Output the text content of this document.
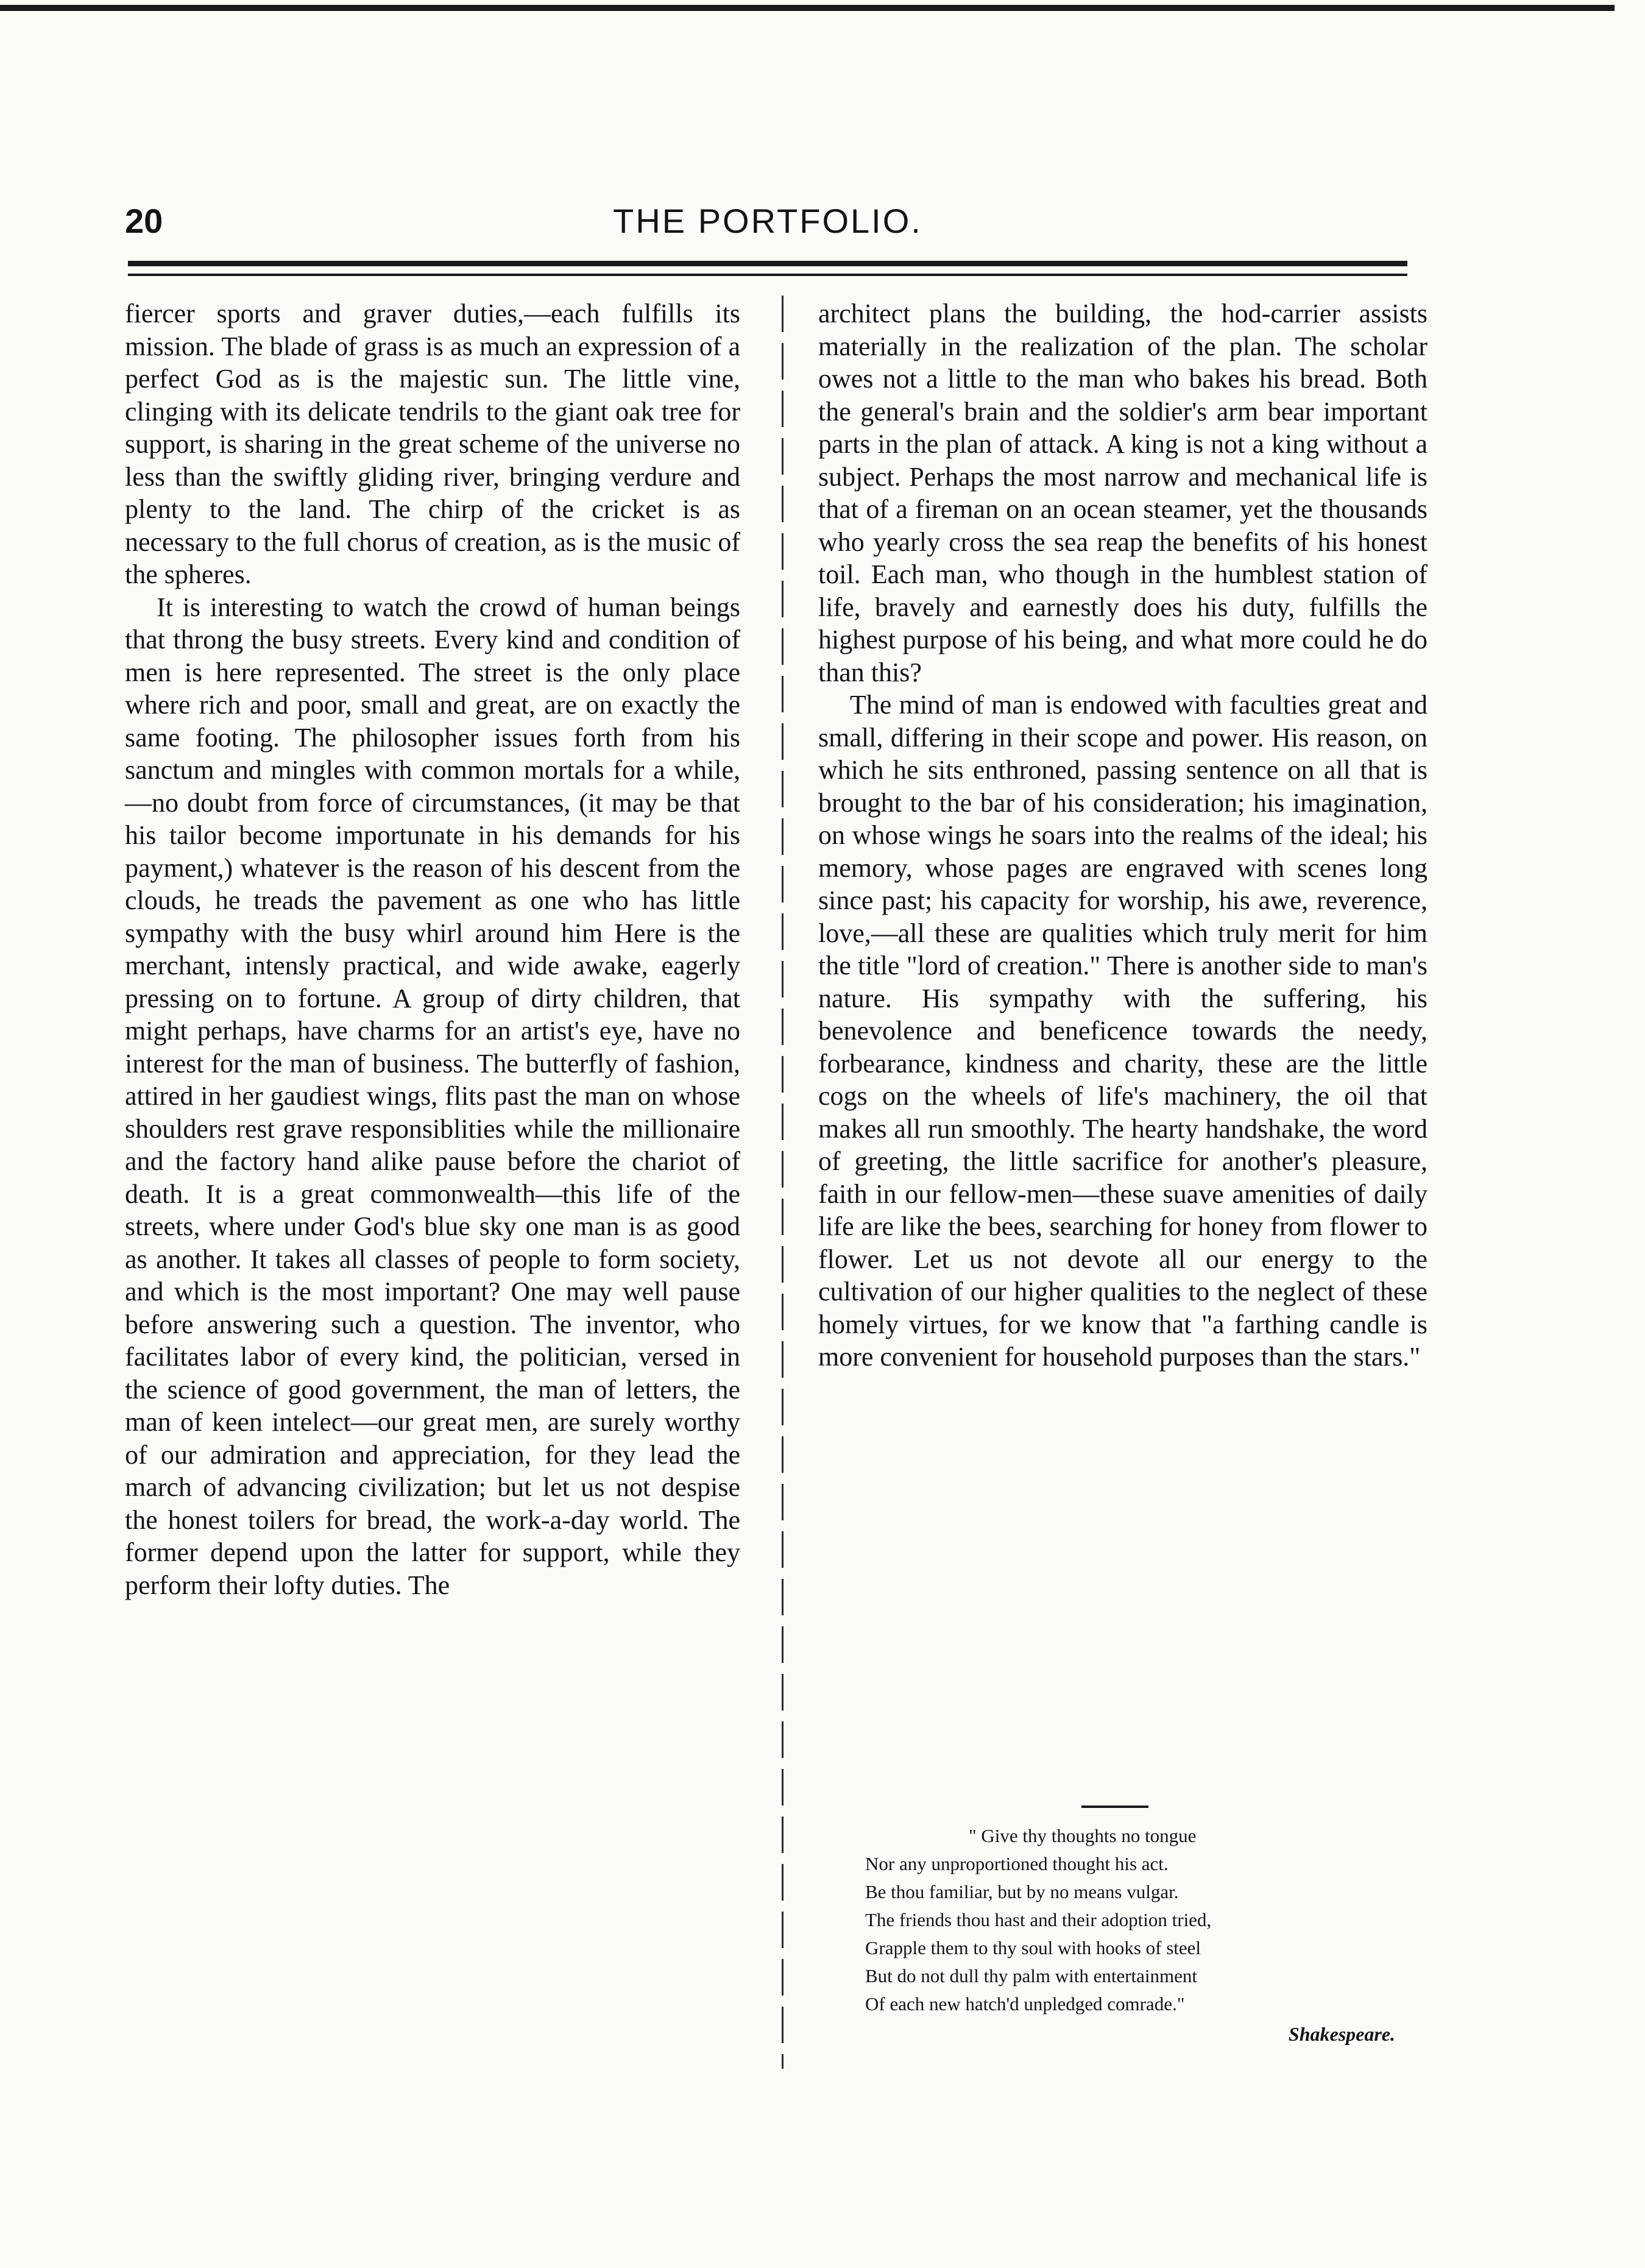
20	THE PORTFOLIO.

fiercer sports and graver duties,—each fulfills its mission. The blade of grass is as much an expression of a perfect God as is the majestic sun. The little vine, clinging with its delicate tendrils to the giant oak tree for support, is sharing in the great scheme of the universe no less than the swiftly gliding river, bringing verdure and plenty to the land. The chirp of the cricket is as necessary to the full chorus of creation, as is the music of the spheres.

It is interesting to watch the crowd of human beings that throng the busy streets. Every kind and condition of men is here represented. The street is the only place where rich and poor, small and great, are on exactly the same footing. The philosopher issues forth from his sanctum and mingles with common mortals for a while,—no doubt from force of circumstances, (it may be that his tailor become importunate in his demands for his payment,) whatever is the reason of his descent from the clouds, he treads the pavement as one who has little sympathy with the busy whirl around him Here is the merchant, intensly practical, and wide awake, eagerly pressing on to fortune. A group of dirty children, that might perhaps, have charms for an artist's eye, have no interest for the man of business. The butterfly of fashion, attired in her gaudiest wings, flits past the man on whose shoulders rest grave responsiblities while the millionaire and the factory hand alike pause before the chariot of death. It is a great commonwealth—this life of the streets, where under God's blue sky one man is as good as another. It takes all classes of people to form society, and which is the most important? One may well pause before answering such a question. The inventor, who facilitates labor of every kind, the politician, versed in the science of good government, the man of letters, the man of keen intelect—our great men, are surely worthy of our admiration and appreciation, for they lead the march of advancing civilization; but let us not despise the honest toilers for bread, the work-a-day world. The former depend upon the latter for support, while they perform their lofty duties. The

architect plans the building, the hod-carrier assists materially in the realization of the plan. The scholar owes not a little to the man who bakes his bread. Both the general's brain and the soldier's arm bear important parts in the plan of attack. A king is not a king without a subject. Perhaps the most narrow and mechanical life is that of a fireman on an ocean steamer, yet the thousands who yearly cross the sea reap the benefits of his honest toil. Each man, who though in the humblest station of life, bravely and earnestly does his duty, fulfills the highest purpose of his being, and what more could he do than this?

The mind of man is endowed with faculties great and small, differing in their scope and power. His reason, on which he sits enthroned, passing sentence on all that is brought to the bar of his consideration; his imagination, on whose wings he soars into the realms of the ideal; his memory, whose pages are engraved with scenes long since past; his capacity for worship, his awe, reverence, love,—all these are qualities which truly merit for him the title "lord of creation." There is another side to man's nature. His sympathy with the suffering, his benevolence and beneficence towards the needy, forbearance, kindness and charity, these are the little cogs on the wheels of life's machinery, the oil that makes all run smoothly. The hearty handshake, the word of greeting, the little sacrifice for another's pleasure, faith in our fellow-men—these suave amenities of daily life are like the bees, searching for honey from flower to flower. Let us not devote all our energy to the cultivation of our higher qualities to the neglect of these homely virtues, for we know that "a farthing candle is more convenient for household purposes than the stars."

" Give thy thoughts no tongue
Nor any unproportioned thought his act.
Be thou familiar, but by no means vulgar.
The friends thou hast and their adoption tried,
Grapple them to thy soul with hooks of steel
But do not dull thy palm with entertainment
Of each new hatch'd unpledged comrade."
Shakespeare.
